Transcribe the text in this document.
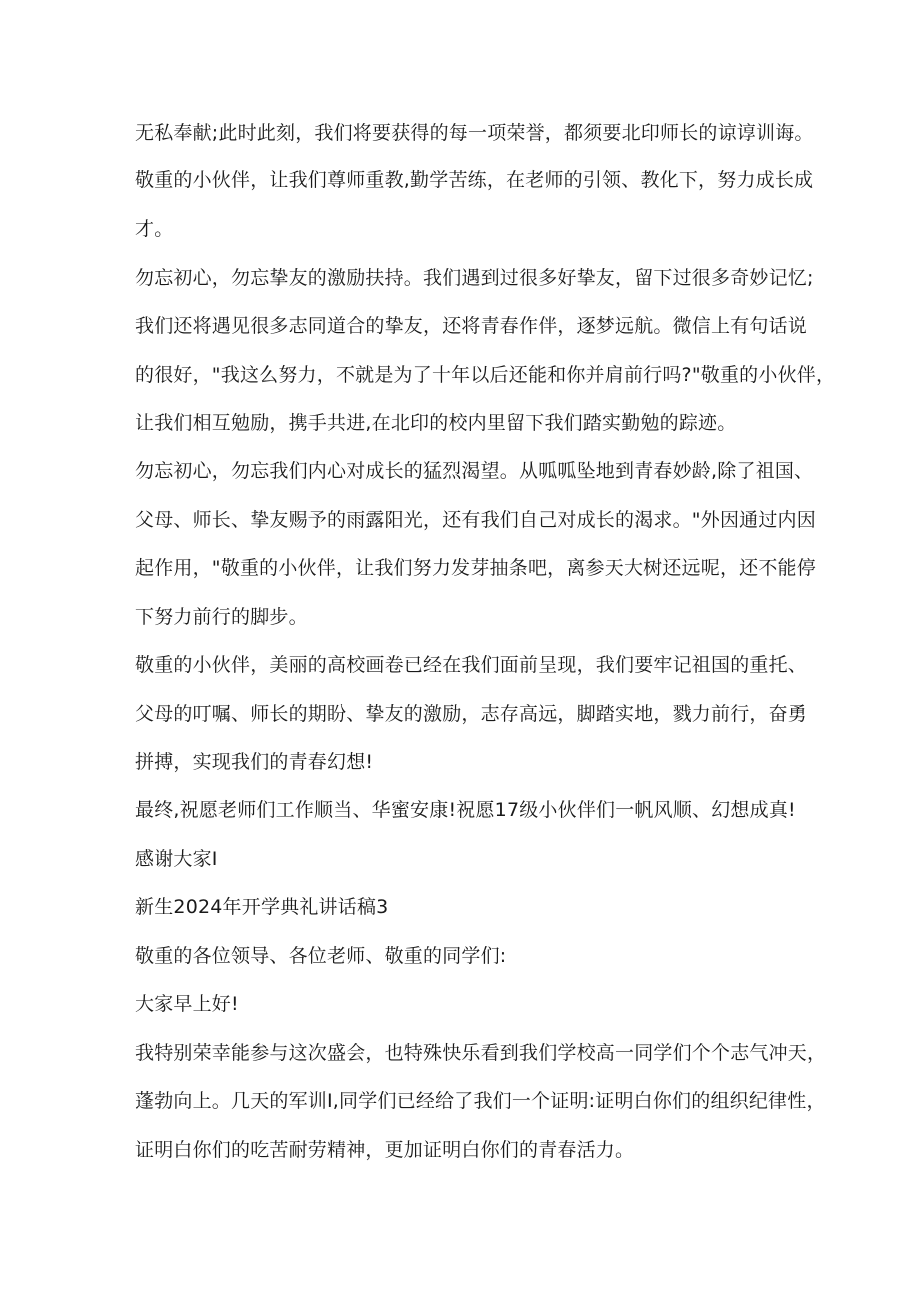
无私奉献;此时此刻，我们将要获得的每一项荣誉，都须要北印师长的谅谆训诲。

敬重的小伙伴，让我们尊师重教,勤学苦练，在老师的引领、教化下，努力成长成

才。

勿忘初心，勿忘挚友的激励扶持。我们遇到过很多好挚友，留下过很多奇妙记忆;

我们还将遇见很多志同道合的挚友，还将青春作伴，逐梦远航。微信上有句话说

的很好，"我这么努力，不就是为了十年以后还能和你并肩前行吗?"敬重的小伙伴，

让我们相互勉励，携手共进,在北印的校内里留下我们踏实勤勉的踪迹。

勿忘初心，勿忘我们内心对成长的猛烈渴望。从呱呱坠地到青春妙龄,除了祖国、

父母、师长、挚友赐予的雨露阳光，还有我们自己对成长的渴求。"外因通过内因

起作用，"敬重的小伙伴，让我们努力发芽抽条吧，离参天大树还远呢，还不能停

下努力前行的脚步。

敬重的小伙伴，美丽的高校画卷已经在我们面前呈现，我们要牢记祖国的重托、

父母的叮嘱、师长的期盼、挚友的激励，志存高远，脚踏实地，戮力前行，奋勇

拼搏，实现我们的青春幻想!

最终,祝愿老师们工作顺当、华蜜安康!祝愿17级小伙伴们一帆风顺、幻想成真!

感谢大家I

新生2024年开学典礼讲话稿3

敬重的各位领导、各位老师、敬重的同学们:

大家早上好!

我特别荣幸能参与这次盛会，也特殊快乐看到我们学校高一同学们个个志气冲天，

蓬勃向上。几天的军训I,同学们已经给了我们一个证明:证明白你们的组织纪律性，

证明白你们的吃苦耐劳精神，更加证明白你们的青春活力。
